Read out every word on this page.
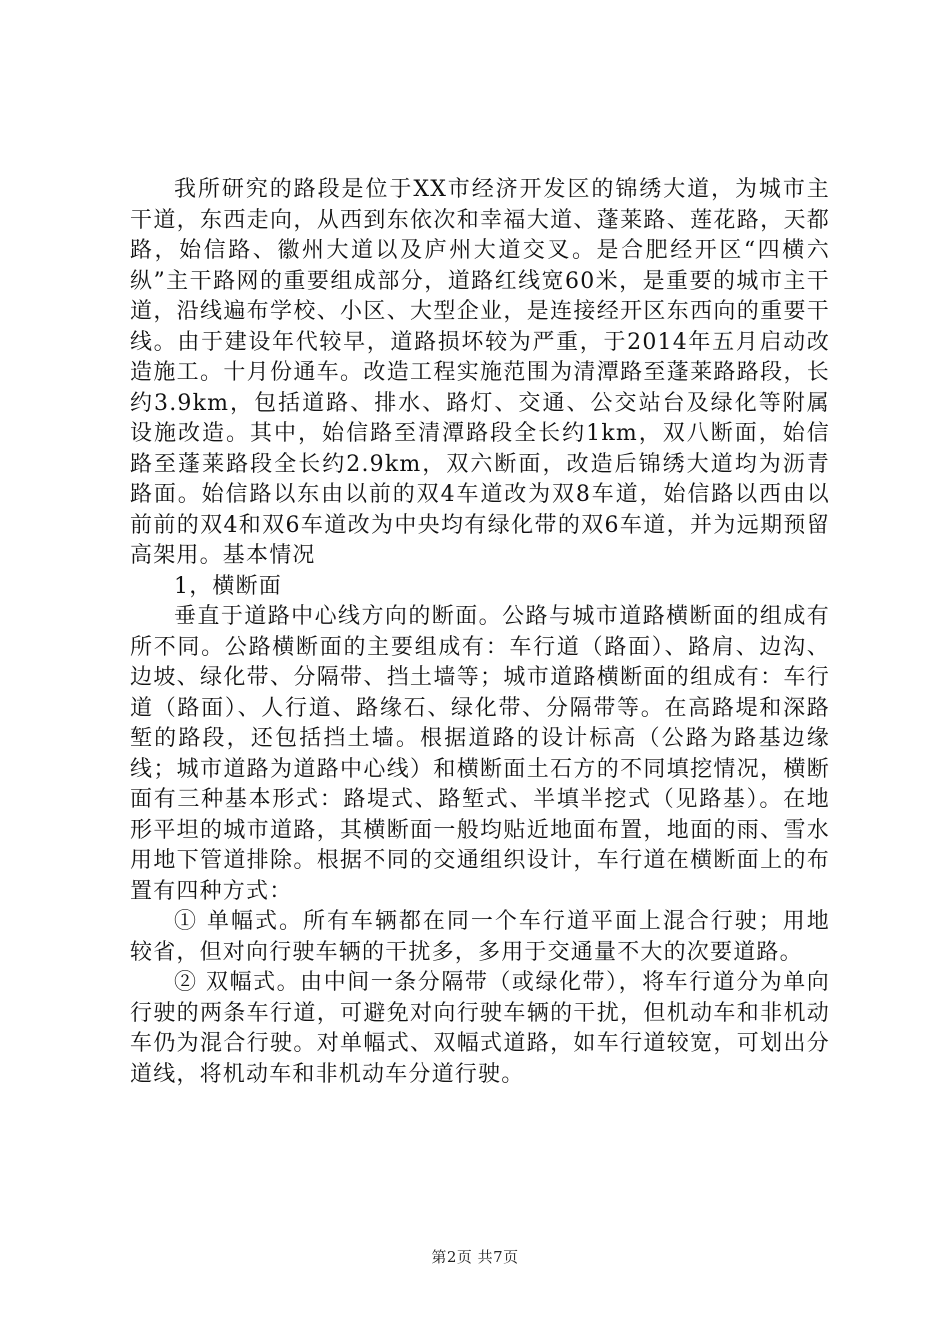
我所研究的路段是位于XX市经济开发区的锦绣大道，为城市主干道，东西走向，从西到东依次和幸福大道、蓬莱路、莲花路，天都路，始信路、徽州大道以及庐州大道交叉。是合肥经开区“四横六纵”主干路网的重要组成部分，道路红线宽60米，是重要的城市主干道，沿线遍布学校、小区、大型企业，是连接经开区东西向的重要干线。由于建设年代较早，道路损坏较为严重，于2014年五月启动改造施工。十月份通车。改造工程实施范围为清潭路至蓬莱路路段，长约3.9km，包括道路、排水、路灯、交通、公交站台及绿化等附属设施改造。其中，始信路至清潭路段全长约1km，双八断面，始信路至蓬莱路段全长约2.9km，双六断面，改造后锦绣大道均为沥青路面。始信路以东由以前的双4车道改为双8车道，始信路以西由以前前的双4和双6车道改为中央均有绿化带的双6车道，并为远期预留高架用。基本情况

1，横断面

垂直于道路中心线方向的断面。公路与城市道路横断面的组成有所不同。公路横断面的主要组成有：车行道（路面）、路肩、边沟、边坡、绿化带、分隔带、挡土墙等；城市道路横断面的组成有：车行道（路面）、人行道、路缘石、绿化带、分隔带等。在高路堤和深路堑的路段，还包括挡土墙。根据道路的设计标高（公路为路基边缘线；城市道路为道路中心线）和横断面土石方的不同填挖情况，横断面有三种基本形式：路堤式、路堑式、半填半挖式（见路基）。在地形平坦的城市道路，其横断面一般均贴近地面布置，地面的雨、雪水用地下管道排除。根据不同的交通组织设计，车行道在横断面上的布置有四种方式：

① 单幅式。所有车辆都在同一个车行道平面上混合行驶；用地较省，但对向行驶车辆的干扰多，多用于交通量不大的次要道路。

② 双幅式。由中间一条分隔带（或绿化带），将车行道分为单向行驶的两条车行道，可避免对向行驶车辆的干扰，但机动车和非机动车仍为混合行驶。对单幅式、双幅式道路，如车行道较宽，可划出分道线，将机动车和非机动车分道行驶。

第2页 共7页
